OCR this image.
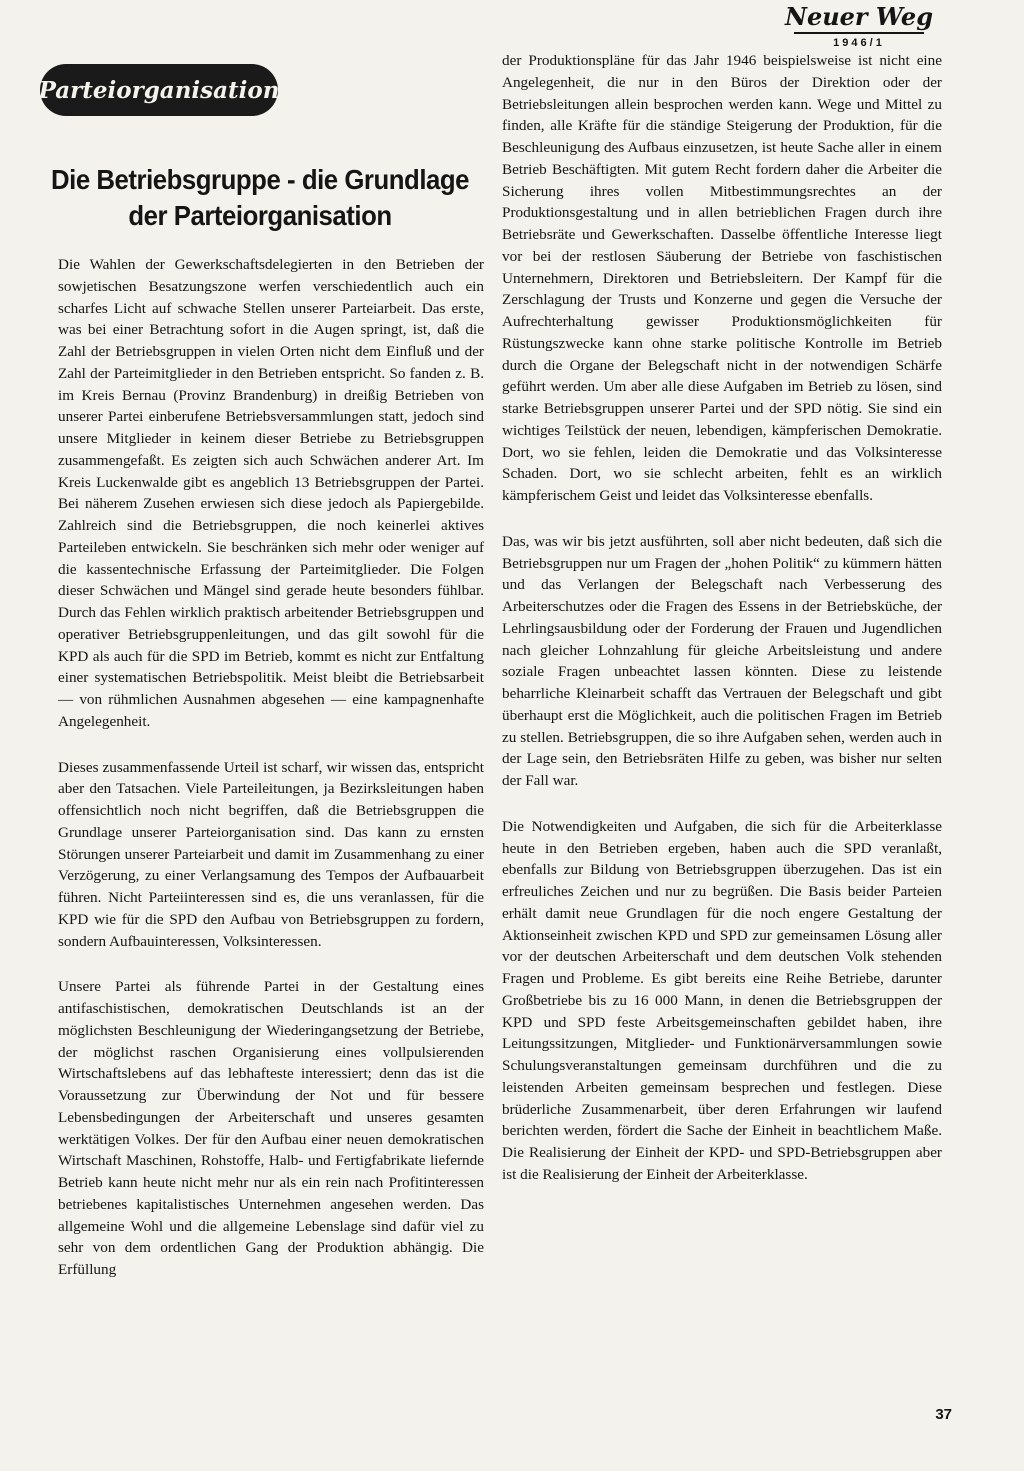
Neuer Weg
1946/1
Parteiorganisation
Die Betriebsgruppe - die Grundlage
der Parteiorganisation

Die Wahlen der Gewerkschaftsdelegierten in den Betrieben der sowjetischen Besatzungszone werfen verschiedentlich auch ein scharfes Licht auf schwache Stellen unserer Parteiarbeit. Das erste, was bei einer Betrachtung sofort in die Augen springt, ist, daß die Zahl der Betriebsgruppen in vielen Orten nicht dem Einfluß und der Zahl der Parteimitglieder in den Betrieben entspricht. So fanden z. B. im Kreis Bernau (Provinz Brandenburg) in dreißig Betrieben von unserer Partei einberufene Betriebsversammlungen statt, jedoch sind unsere Mitglieder in keinem dieser Betriebe zu Betriebsgruppen zusammengefaßt. Es zeigten sich auch Schwächen anderer Art. Im Kreis Luckenwalde gibt es angeblich 13 Betriebsgruppen der Partei. Bei näherem Zusehen erwiesen sich diese jedoch als Papiergebilde. Zahlreich sind die Betriebsgruppen, die noch keinerlei aktives Parteileben entwickeln. Sie beschränken sich mehr oder weniger auf die kassentechnische Erfassung der Parteimitglieder. Die Folgen dieser Schwächen und Mängel sind gerade heute besonders fühlbar. Durch das Fehlen wirklich praktisch arbeitender Betriebsgruppen und operativer Betriebsgruppenleitungen, und das gilt sowohl für die KPD als auch für die SPD im Betrieb, kommt es nicht zur Entfaltung einer systematischen Betriebspolitik. Meist bleibt die Betriebsarbeit — von rühmlichen Ausnahmen abgesehen — eine kampagnenhafte Angelegenheit.

Dieses zusammenfassende Urteil ist scharf, wir wissen das, entspricht aber den Tatsachen. Viele Parteileitungen, ja Bezirksleitungen haben offensichtlich noch nicht begriffen, daß die Betriebsgruppen die Grundlage unserer Parteiorganisation sind. Das kann zu ernsten Störungen unserer Parteiarbeit und damit im Zusammenhang zu einer Verzögerung, zu einer Verlangsamung des Tempos der Aufbauarbeit führen. Nicht Parteiinteressen sind es, die uns veranlassen, für die KPD wie für die SPD den Aufbau von Betriebsgruppen zu fordern, sondern Aufbauinteressen, Volksinteressen.

Unsere Partei als führende Partei in der Gestaltung eines antifaschistischen, demokratischen Deutschlands ist an der möglichsten Beschleunigung der Wiederingangsetzung der Betriebe, der möglichst raschen Organisierung eines vollpulsierenden Wirtschaftslebens auf das lebhafteste interessiert; denn das ist die Voraussetzung zur Überwindung der Not und für bessere Lebensbedingungen der Arbeiterschaft und unseres gesamten werktätigen Volkes. Der für den Aufbau einer neuen demokratischen Wirtschaft Maschinen, Rohstoffe, Halb- und Fertigfabrikate liefernde Betrieb kann heute nicht mehr nur als ein rein nach Profitinteressen betriebenes kapitalistisches Unternehmen angesehen werden. Das allgemeine Wohl und die allgemeine Lebenslage sind dafür viel zu sehr von dem ordentlichen Gang der Produktion abhängig. Die Erfüllung

der Produktionspläne für das Jahr 1946 beispielsweise ist nicht eine Angelegenheit, die nur in den Büros der Direktion oder der Betriebsleitungen allein besprochen werden kann. Wege und Mittel zu finden, alle Kräfte für die ständige Steigerung der Produktion, für die Beschleunigung des Aufbaus einzusetzen, ist heute Sache aller in einem Betrieb Beschäftigten. Mit gutem Recht fordern daher die Arbeiter die Sicherung ihres vollen Mitbestimmungsrechtes an der Produktionsgestaltung und in allen betrieblichen Fragen durch ihre Betriebsräte und Gewerkschaften. Dasselbe öffentliche Interesse liegt vor bei der restlosen Säuberung der Betriebe von faschistischen Unternehmern, Direktoren und Betriebsleitern. Der Kampf für die Zerschlagung der Trusts und Konzerne und gegen die Versuche der Aufrechterhaltung gewisser Produktionsmöglichkeiten für Rüstungszwecke kann ohne starke politische Kontrolle im Betrieb durch die Organe der Belegschaft nicht in der notwendigen Schärfe geführt werden. Um aber alle diese Aufgaben im Betrieb zu lösen, sind starke Betriebsgruppen unserer Partei und der SPD nötig. Sie sind ein wichtiges Teilstück der neuen, lebendigen, kämpferischen Demokratie. Dort, wo sie fehlen, leiden die Demokratie und das Volksinteresse Schaden. Dort, wo sie schlecht arbeiten, fehlt es an wirklich kämpferischem Geist und leidet das Volksinteresse ebenfalls.

Das, was wir bis jetzt ausführten, soll aber nicht bedeuten, daß sich die Betriebsgruppen nur um Fragen der „hohen Politik“ zu kümmern hätten und das Verlangen der Belegschaft nach Verbesserung des Arbeiterschutzes oder die Fragen des Essens in der Betriebsküche, der Lehrlingsausbildung oder der Forderung der Frauen und Jugendlichen nach gleicher Lohnzahlung für gleiche Arbeitsleistung und andere soziale Fragen unbeachtet lassen könnten. Diese zu leistende beharrliche Kleinarbeit schafft das Vertrauen der Belegschaft und gibt überhaupt erst die Möglichkeit, auch die politischen Fragen im Betrieb zu stellen. Betriebsgruppen, die so ihre Aufgaben sehen, werden auch in der Lage sein, den Betriebsräten Hilfe zu geben, was bisher nur selten der Fall war.

Die Notwendigkeiten und Aufgaben, die sich für die Arbeiterklasse heute in den Betrieben ergeben, haben auch die SPD veranlaßt, ebenfalls zur Bildung von Betriebsgruppen überzugehen. Das ist ein erfreuliches Zeichen und nur zu begrüßen. Die Basis beider Parteien erhält damit neue Grundlagen für die noch engere Gestaltung der Aktionseinheit zwischen KPD und SPD zur gemeinsamen Lösung aller vor der deutschen Arbeiterschaft und dem deutschen Volk stehenden Fragen und Probleme. Es gibt bereits eine Reihe Betriebe, darunter Großbetriebe bis zu 16 000 Mann, in denen die Betriebsgruppen der KPD und SPD feste Arbeitsgemeinschaften gebildet haben, ihre Leitungssitzungen, Mitglieder- und Funktionärversammlungen sowie Schulungsveranstaltungen gemeinsam durchführen und die zu leistenden Arbeiten gemeinsam besprechen und festlegen. Diese brüderliche Zusammenarbeit, über deren Erfahrungen wir laufend berichten werden, fördert die Sache der Einheit in beachtlichem Maße. Die Realisierung der Einheit der KPD- und SPD-Betriebsgruppen aber ist die Realisierung der Einheit der Arbeiterklasse.

37
